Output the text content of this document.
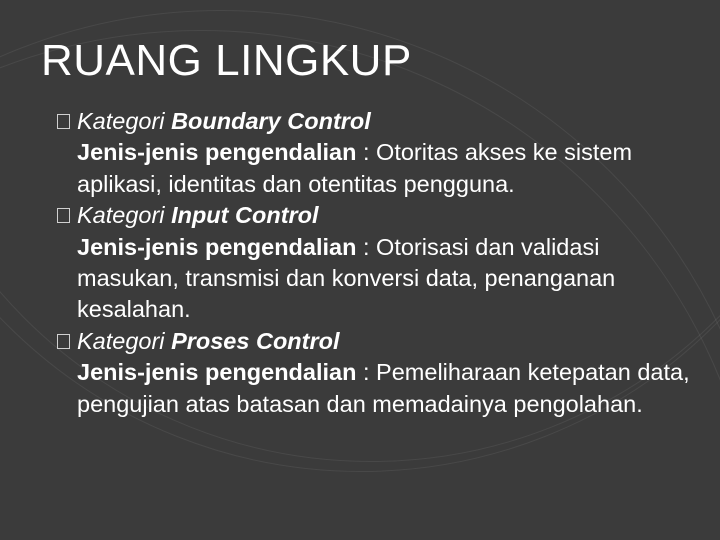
RUANG LINGKUP
Kategori Boundary Control
Jenis-jenis pengendalian : Otoritas akses ke sistem aplikasi, identitas dan otentitas pengguna.
Kategori Input Control
Jenis-jenis pengendalian : Otorisasi dan validasi masukan, transmisi dan konversi data, penanganan kesalahan.
Kategori Proses Control
Jenis-jenis pengendalian : Pemeliharaan ketepatan data, pengujian atas batasan dan memadainya pengolahan.
